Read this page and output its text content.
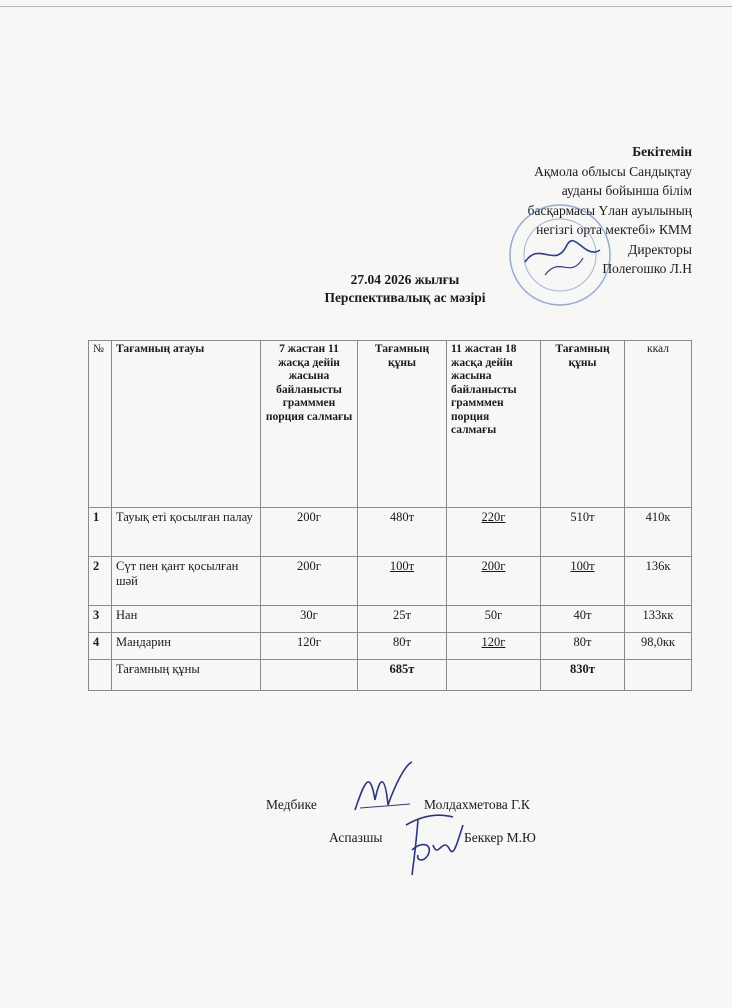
Бекітемін
Ақмола облысы Сандықтау
ауданы бойынша білім
басқармасы Үлан ауылының
негізгі орта мектебі» КММ
Директоры
Полегошко Л.Н
27.04 2026 жылғы
Перспективалық ас мәзірі
№	Тағамның атауы	7 жастан 11 жасқа дейін жасына байланысты грамммен порция салмағы	Тағамның құны	11 жастан 18 жасқа дейін жасына байланысты грамммен порция салмағы	Тағамның құны	ккал
1	Тауық еті қосылған палау	200г	480т	220г	510т	410к
2	Сүт пен қант қосылған шәй	200г	100т	200г	100т	136к
3	Нан	30г	25т	50г	40т	133кк
4	Мандарин	120г	80т	120г	80т	98,0кк
	Тағамның құны		685т		830т	
Медбике	Молдахметова Г.К
Аспазшы	Беккер М.Ю
